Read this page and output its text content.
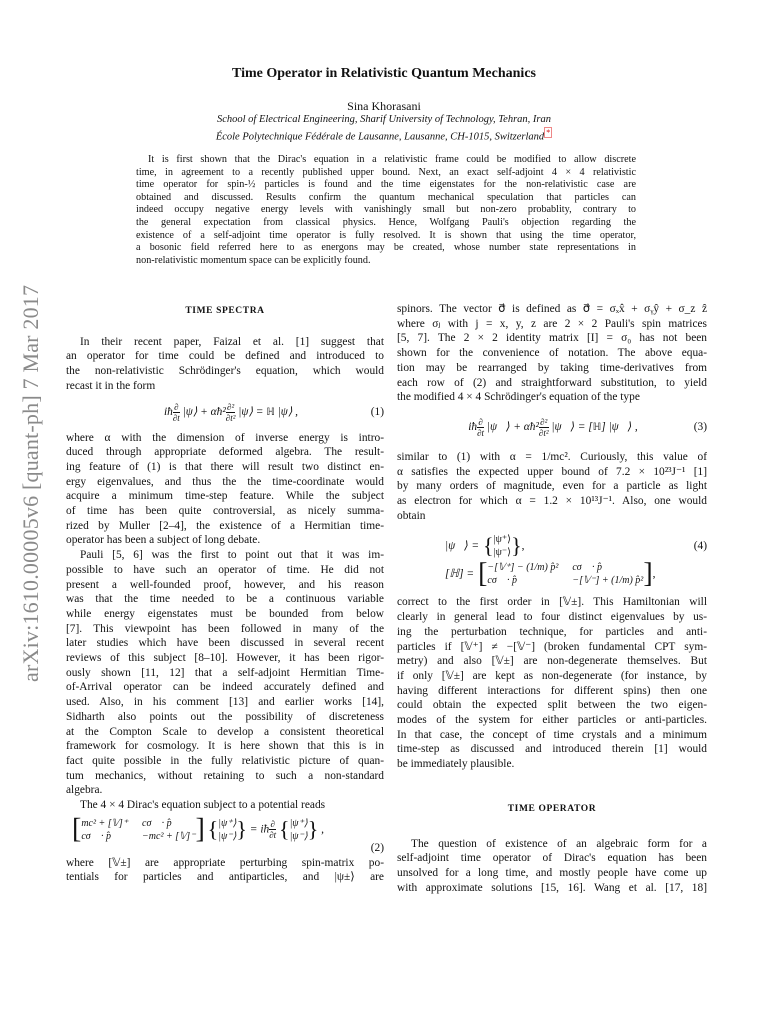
arXiv:1610.00005v6 [quant-ph] 7 Mar 2017
Time Operator in Relativistic Quantum Mechanics
Sina Khorasani
School of Electrical Engineering, Sharif University of Technology, Tehran, Iran
École Polytechnique Fédérale de Lausanne, Lausanne, CH-1015, Switzerland *
It is first shown that the Dirac's equation in a relativistic frame could be modified to allow discrete
time, in agreement to a recently published upper bound. Next, an exact self-adjoint 4 × 4 relativistic
time operator for spin-½ particles is found and the time eigenstates for the non-relativistic case are
obtained and discussed. Results confirm the quantum mechanical speculation that particles can
indeed occupy negative energy levels with vanishingly small but non-zero probablity, contrary to
the general expectation from classical physics. Hence, Wolfgang Pauli's objection regarding the
existence of a self-adjoint time operator is fully resolved. It is shown that using the time operator,
a bosonic field referred here to as energons may be created, whose number state representations in
non-relativistic momentum space can be explicitly found.
TIME SPECTRA
In their recent paper, Faizal et al. [1] suggest that
an operator for time could be defined and introduced to
the non-relativistic Schrödinger's equation, which would
recast it in the form
iħ $\frac{\partial}{\partial t}$ |ψ⟩ + αħ² $\frac{\text{∂²}}{\text{∂t²}}$ |ψ⟩ = ℍ |ψ⟩ ,	(1)
where α with the dimension of inverse energy is intro-
duced through appropriate deformed algebra. The result-
ing feature of (1) is that there will result two distinct en-
ergy eigenvalues, and thus the the time-coordinate would
acquire a minimum time-step feature. While the subject
of time has been quite controversial, as nicely summa-
rized by Muller [2–4], the existence of a Hermitian time-
operator has been a subject of long debate.
Pauli [5, 6] was the first to point out that it was im-
possible to have such an operator of time. He did not
present a well-founded proof, however, and his reason
was that the time needed to be a continuous variable
while energy eigenstates must be bounded from below
[7]. This viewpoint has been followed in many of the
later studies which have been discussed in several recent
reviews of this subject [8–10]. However, it has been rigor-
ously shown [11, 12] that a self-adjoint Hermitian Time-
of-Arrival operator can be indeed accurately defined and
used. Also, in his comment [13] and earlier works [14],
Sidharth also points out the possibility of discreteness
at the Compton Scale to develop a consistent theoretical
framework for cosmology. It is here shown that this is in
fact quite possible in the fully relativistic picture of quan-
tum mechanics, without retaining to such a non-standard
algebra.
The 4 × 4 Dirac's equation subject to a potential reads
[ mc² + [𝕍]⁺ cσ⃗ · p̂
cσ⃗ · p̂	−mc² + [𝕍]⁻ ] { |ψ⁺⟩
|ψ⁻⟩ } = iħ $\frac{\partial}{\partial t}$ { |ψ⁺⟩
|ψ⁻⟩ } ,
(2)
where [𝕍±] are appropriate perturbing spin-matrix po-
tentials for particles and antiparticles, and |ψ±⟩ are
spinors. The vector σ⃗ is defined as σ⃗ = σₓx̂ + σᵧŷ + σ_z ẑ
where σⱼ with j = x, y, z are 2 × 2 Pauli's spin matrices
[5, 7]. The 2 × 2 identity matrix [I] = σ₀ has not been
shown for the convenience of notation. The above equa-
tion may be rearranged by taking time-derivatives from
each row of (2) and straightforward substitution, to yield
the modified 4 × 4 Schrödinger's equation of the type
iħ $\frac{\partial}{\partial t}$ |ψ⃗⟩ + αħ² $\frac{\text{∂²}}{\text{∂t²}}$ |ψ⃗⟩ = [ℍ] |ψ⃗⟩ ,	(3)
similar to (1) with α = 1/mc². Curiously, this value of
α satisfies the expected upper bound of 7.2 × 10²³J⁻¹ [1]
by many orders of magnitude, even for a particle as light
as electron for which α = 1.2 × 10¹³J⁻¹. Also, one would
obtain
|ψ⃗⟩ = { |ψ⁺⟩
|ψ⁻⟩ } ,	(4)
[ℍ] = [ −[𝕍⁺] − (1/m) p̂² cσ⃗ · p̂
cσ⃗ · p̂	−[𝕍⁻] + (1/m) p̂² ] ,
correct to the first order in [𝕍±]. This Hamiltonian will
clearly in general lead to four distinct eigenvalues by us-
ing the perturbation technique, for particles and anti-
particles if [𝕍⁺] ≠ −[𝕍⁻] (broken fundamental CPT sym-
metry) and also [𝕍±] are non-degenerate themselves. But
if only [𝕍±] are kept as non-degenerate (for instance, by
having different interactions for different spins) then one
could obtain the expected split between the two eigen-
modes of the system for either particles or anti-particles.
In that case, the concept of time crystals and a minimum
time-step as discussed and introduced therein [1] would
be immediately plausible.
TIME OPERATOR
The question of existence of an algebraic form for a
self-adjoint time operator of Dirac's equation has been
unsolved for a long time, and mostly people have come up
with approximate solutions [15, 16]. Wang et al. [17, 18]
